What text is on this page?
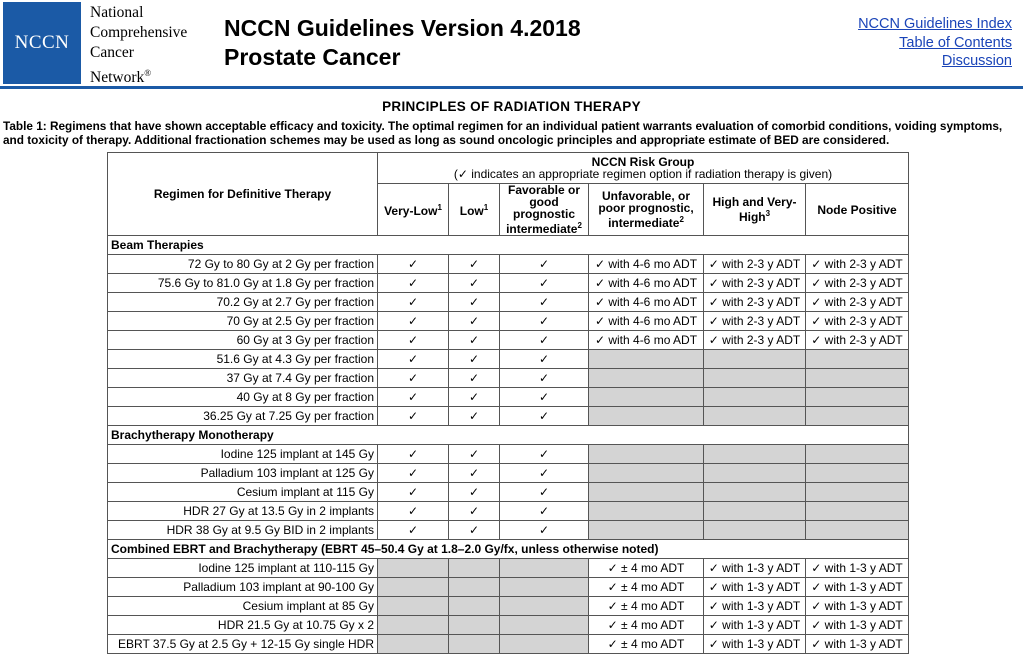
NCCN
National
Comprehensive
Cancer
Network®
NCCN Guidelines Version 4.2018
Prostate Cancer
NCCN Guidelines Index
Table of Contents
Discussion
PRINCIPLES OF RADIATION THERAPY
Table 1: Regimens that have shown acceptable efficacy and toxicity. The optimal regimen for an individual patient warrants evaluation of comorbid conditions, voiding symptoms, and toxicity of therapy. Additional fractionation schemes may be used as long as sound oncologic principles and appropriate estimate of BED are considered.
Regimen for Definitive Therapy	NCCN Risk Group
(✓ indicates an appropriate regimen option if radiation therapy is given)					

	Very-Low$^1$	Low$^1$	Favorable or good prognostic intermediate$^2$	Unfavorable, or poor prognostic, intermediate$^2$	High and Very-High$^3$	Node Positive
Beam Therapies						
72 Gy to 80 Gy at 2 Gy per fraction	✓	✓	✓	✓ with 4-6 mo ADT	✓ with 2-3 y ADT	✓ with 2-3 y ADT
75.6 Gy to 81.0 Gy at 1.8 Gy per fraction	✓	✓	✓	✓ with 4-6 mo ADT	✓ with 2-3 y ADT	✓ with 2-3 y ADT
70.2 Gy at 2.7 Gy per fraction	✓	✓	✓	✓ with 4-6 mo ADT	✓ with 2-3 y ADT	✓ with 2-3 y ADT
70 Gy at 2.5 Gy per fraction	✓	✓	✓	✓ with 4-6 mo ADT	✓ with 2-3 y ADT	✓ with 2-3 y ADT
60 Gy at 3 Gy per fraction	✓	✓	✓	✓ with 4-6 mo ADT	✓ with 2-3 y ADT	✓ with 2-3 y ADT
51.6 Gy at 4.3 Gy per fraction	✓	✓	✓			
37 Gy at 7.4 Gy per fraction	✓	✓	✓			
40 Gy at 8 Gy per fraction	✓	✓	✓			
36.25 Gy at 7.25 Gy per fraction	✓	✓	✓			
Brachytherapy Monotherapy						
Iodine 125 implant at 145 Gy	✓	✓	✓			
Palladium 103 implant at 125 Gy	✓	✓	✓			
Cesium implant at 115 Gy	✓	✓	✓			
HDR 27 Gy at 13.5 Gy in 2 implants	✓	✓	✓			
HDR 38 Gy at 9.5 Gy BID in 2 implants	✓	✓	✓			
Combined EBRT and Brachytherapy (EBRT 45–50.4 Gy at 1.8–2.0 Gy/fx, unless otherwise noted)						
Iodine 125 implant at 110-115 Gy				✓ ± 4 mo ADT	✓ with 1-3 y ADT	✓ with 1-3 y ADT
Palladium 103 implant at 90-100 Gy				✓ ± 4 mo ADT	✓ with 1-3 y ADT	✓ with 1-3 y ADT
Cesium implant at 85 Gy				✓ ± 4 mo ADT	✓ with 1-3 y ADT	✓ with 1-3 y ADT
HDR 21.5 Gy at 10.75 Gy x 2				✓ ± 4 mo ADT	✓ with 1-3 y ADT	✓ with 1-3 y ADT
EBRT 37.5 Gy at 2.5 Gy + 12-15 Gy single HDR				✓ ± 4 mo ADT	✓ with 1-3 y ADT	✓ with 1-3 y ADT
